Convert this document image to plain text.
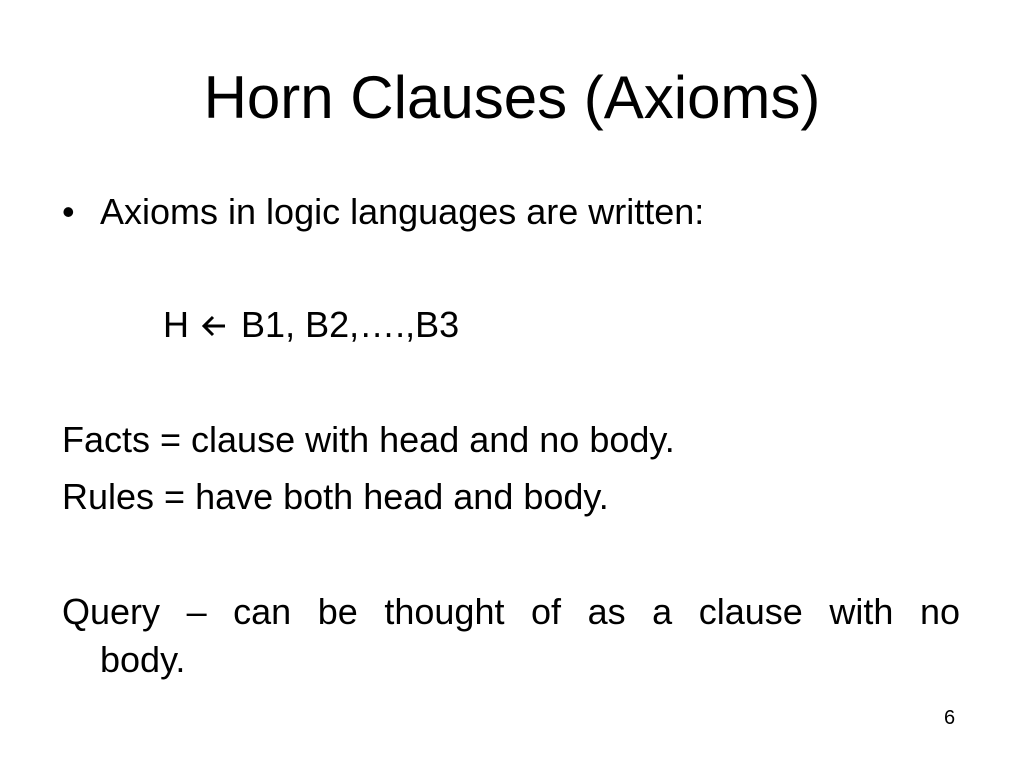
Horn Clauses (Axioms)
• Axioms in logic languages are written:
H B1, B2,….,B3
Facts = clause with head and no body.
Rules = have both head and body.
Query – can be thought of as a clause with no
body.
6
